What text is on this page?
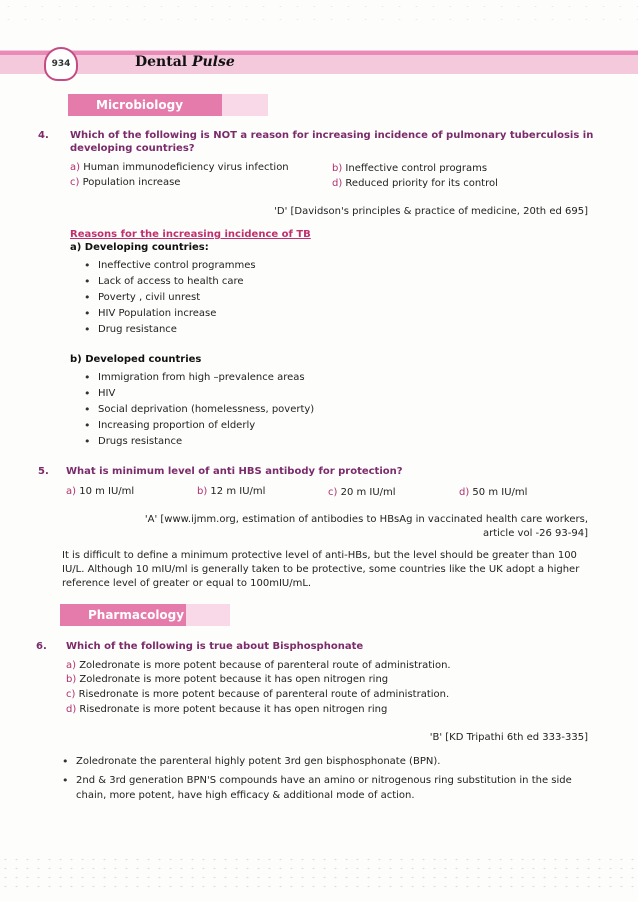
934	Dental Pulse
Microbiology
4. Which of the following is NOT a reason for increasing incidence of pulmonary tuberculosis in
developing countries?
a) Human immunodeficiency virus infection	b) Ineffective control programs
c) Population increase	d) Reduced priority for its control
'D' [Davidson's principles & practice of medicine, 20th ed 695]
Reasons for the increasing incidence of TB
a) Developing countries:
• Ineffective control programmes
• Lack of access to health care
• Poverty , civil unrest
• HIV Population increase
• Drug resistance
b) Developed countries
• Immigration from high –prevalence areas
• HIV
• Social deprivation (homelessness, poverty)
• Increasing proportion of elderly
• Drugs resistance
5. What is minimum level of anti HBS antibody for protection?
a) 10 m IU/ml	b) 12 m IU/ml	c) 20 m IU/ml	d) 50 m IU/ml
'A' [www.ijmm.org, estimation of antibodies to HBsAg in vaccinated health care workers,
article vol -26 93-94]
It is difficult to define a minimum protective level of anti-HBs, but the level should be greater than 100
IU/L. Although 10 mIU/ml is generally taken to be protective, some countries like the UK adopt a higher
reference level of greater or equal to 100mIU/mL.
Pharmacology
6. Which of the following is true about Bisphosphonate
a) Zoledronate is more potent because of parenteral route of administration.
b) Zoledronate is more potent because it has open nitrogen ring
c) Risedronate is more potent because of parenteral route of administration.
d) Risedronate is more potent because it has open nitrogen ring
'B' [KD Tripathi 6th ed 333-335]
• Zoledronate the parenteral highly potent 3rd gen bisphosphonate (BPN).
• 2nd & 3rd generation BPN'S compounds have an amino or nitrogenous ring substitution in the side
chain, more potent, have high efficacy & additional mode of action.
